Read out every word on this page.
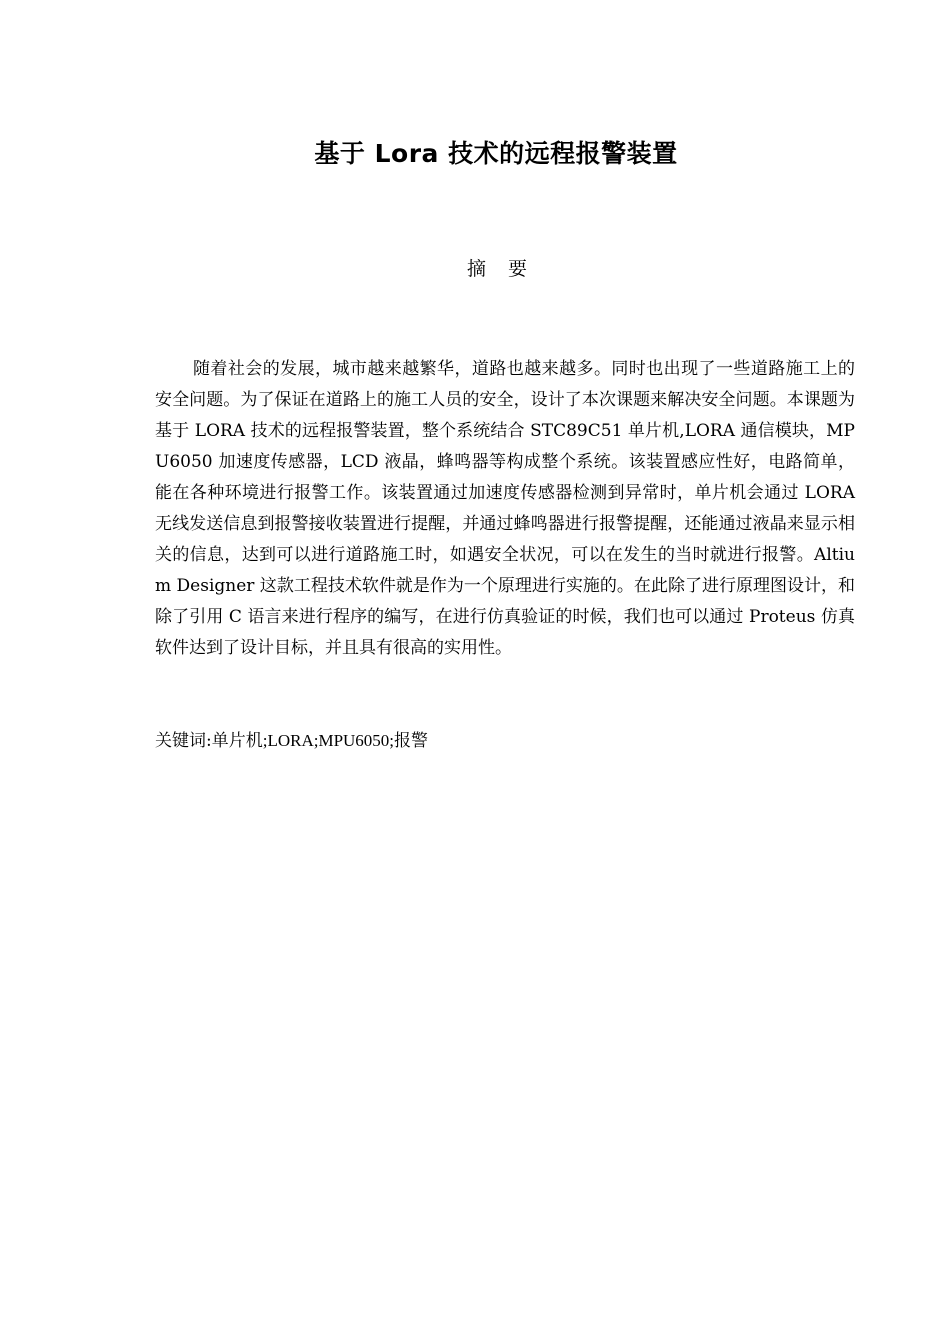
基于 Lora 技术的远程报警装置
摘要

随着社会的发展，城市越来越繁华，道路也越来越多。同时也出现了一些道路施工上的安全问题。为了保证在道路上的施工人员的安全，设计了本次课题来解决安全问题。本课题为基于 LORA 技术的远程报警装置，整个系统结合 STC89C51 单片机,LORA 通信模块，MPU6050 加速度传感器，LCD 液晶，蜂鸣器等构成整个系统。该装置感应性好，电路简单，能在各种环境进行报警工作。该装置通过加速度传感器检测到异常时，单片机会通过 LORA 无线发送信息到报警接收装置进行提醒，并通过蜂鸣器进行报警提醒，还能通过液晶来显示相关的信息，达到可以进行道路施工时，如遇安全状况，可以在发生的当时就进行报警。Altium Designer 这款工程技术软件就是作为一个原理进行实施的。在此除了进行原理图设计，和除了引用 C 语言来进行程序的编写，在进行仿真验证的时候，我们也可以通过 Proteus 仿真软件达到了设计目标，并且具有很高的实用性。

关键词:单片机;LORA;MPU6050;报警
